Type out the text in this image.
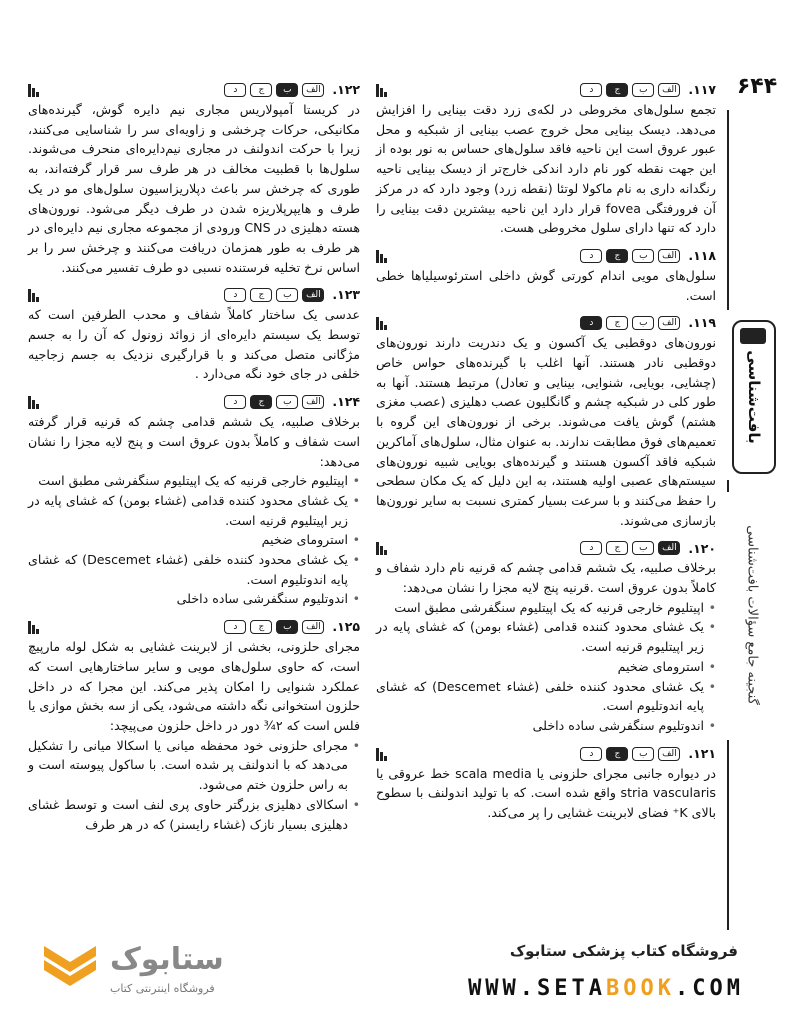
۶۴۴
بافت‌شناسی
گنجینه جامع سؤالات بافت‌شناسی
۱۱۷.
الف
ب
ج
د
تجمع سلول‌های مخروطی در لکه‌ی زرد دقت بینایی را افزایش می‌دهد. دیسک بینایی محل خروج عصب بینایی از شبکیه و محل عبور عروق است این ناحیه فاقد سلول‌های حساس به نور بوده از این جهت نقطه کور نام دارد اندکی خارج‌تر از دیسک بینایی ناحیه رنگدانه داری به نام ماکولا لوتئا (نقطه زرد) وجود دارد که در مرکز آن فرورفتگی fovea قرار دارد این ناحیه بیشترین دقت بینایی را دارد که تنها دارای سلول مخروطی هست.
۱۱۸.
الف
ب
ج
د
سلول‌های مویی اندام کورتی گوش داخلی استرئوسیلیاها خطی است.
۱۱۹.
الف
ب
ج
د
نورون‌های دوقطبی یک آکسون و یک دندریت دارند نورون‌های دوقطبی نادر هستند. آنها اغلب با گیرنده‌های حواس خاص (چشایی، بویایی، شنوایی، بینایی و تعادل) مرتبط هستند. آنها به طور کلی در شبکیه چشم و گانگلیون عصب دهلیزی (عصب مغزی هشتم) گوش یافت می‌شوند. برخی از نورون‌های این گروه با تعمیم‌های فوق مطابقت ندارند. به عنوان مثال، سلول‌های آماکرین شبکیه فاقد آکسون هستند و گیرنده‌های بویایی شبیه نورون‌های سیستم‌های عصبی اولیه هستند، به این دلیل که یک مکان سطحی را حفظ می‌کنند و با سرعت بسیار کمتری نسبت به سایر نورون‌ها بازسازی می‌شوند.
۱۲۰.
الف
ب
ج
د
برخلاف صلبیه، یک ششم قدامی چشم که قرنیه نام دارد شفاف و کاملاً بدون عروق است .قرنیه پنج لایه مجزا را نشان می‌دهد:
• اپیتلیوم خارجی قرنیه که یک اپیتلیوم سنگفرشی مطبق است
• یک غشای محدود کننده قدامی (غشاء بومن) که غشای پایه در زیر اپیتلیوم قرنیه است.
• استرومای ضخیم
• یک غشای محدود کننده خلفی (غشاء Descemet) که غشای پایه اندوتلیوم است.
• اندوتلیوم سنگفرشی ساده داخلی
۱۲۱.
الف
ب
ج
د
در دیواره جانبی مجرای حلزونی یا scala media خط عروقی یا stria vascularis واقع شده است. که با تولید اندولنف با سطوح بالای K⁺ فضای لابرینت غشایی را پر می‌کند.
۱۲۲.
الف
ب
ج
د
در کریستا آمپولاریس مجاری نیم دایره گوش، گیرنده‌های مکانیکی، حرکات چرخشی و زاویه‌ای سر را شناسایی می‌کنند، زیرا با حرکت اندولنف در مجاری نیم‌دایره‌ای منحرف می‌شوند. سلول‌ها با قطبیت مخالف در هر طرف سر قرار گرفته‌اند، به طوری که چرخش سر باعث دپلاریزاسیون سلول‌های مو در یک طرف و هایپرپلاریزه شدن در طرف دیگر می‌شود. نورون‌های هسته دهلیزی در CNS ورودی از مجموعه مجاری نیم دایره‌ای در هر طرف به طور همزمان دریافت می‌کنند و چرخش سر را بر اساس نرخ تخلیه فرستنده نسبی دو طرف تفسیر می‌کنند.
۱۲۳.
الف
ب
ج
د
عدسی یک ساختار کاملاً شفاف و محدب الطرفین است که توسط یک سیستم دایره‌ای از زوائد زونول که آن را به جسم مژگانی متصل می‌کند و با قرارگیری نزدیک به جسم زجاجیه خلفی در جای خود نگه می‌دارد .
۱۲۴.
الف
ب
ج
د
برخلاف صلبیه، یک ششم قدامی چشم که قرنیه قرار گرفته است شفاف و کاملاً بدون عروق است و پنج لایه مجزا را نشان می‌دهد:
• اپیتلیوم خارجی قرنیه که یک اپیتلیوم سنگفرشی مطبق است
• یک غشای محدود کننده قدامی (غشاء بومن) که غشای پایه در زیر اپیتلیوم قرنیه است.
• استرومای ضخیم
• یک غشای محدود کننده خلفی (غشاء Descemet) که غشای پایه اندوتلیوم است.
• اندوتلیوم سنگفرشی ساده داخلی
۱۲۵.
الف
ب
ج
د
مجرای حلزونی، بخشی از لابرینت غشایی به شکل لوله مارپیچ است، که حاوی سلول‌های مویی و سایر ساختارهایی است که عملکرد شنوایی را امکان پذیر می‌کند. این مجرا که در داخل حلزون استخوانی نگه داشته می‌شود، یکی از سه بخش موازی یا فلس است که ۲¾ دور در داخل حلزون می‌پیچد:
• مجرای حلزونی خود محفظه میانی یا اسکالا میانی را تشکیل می‌دهد که با اندولنف پر شده است. با ساکول پیوسته است و به راس حلزون ختم می‌شود.
• اسکالای دهلیزی بزرگتر حاوی پری لنف است و توسط غشای دهلیزی بسیار نازک (غشاء رایسنر) که در هر طرف
ستابوک
فروشگاه اینترنتی کتاب
فروشگاه کتاب پزشکی ستابوک
WWW.SETABOOK.COM
